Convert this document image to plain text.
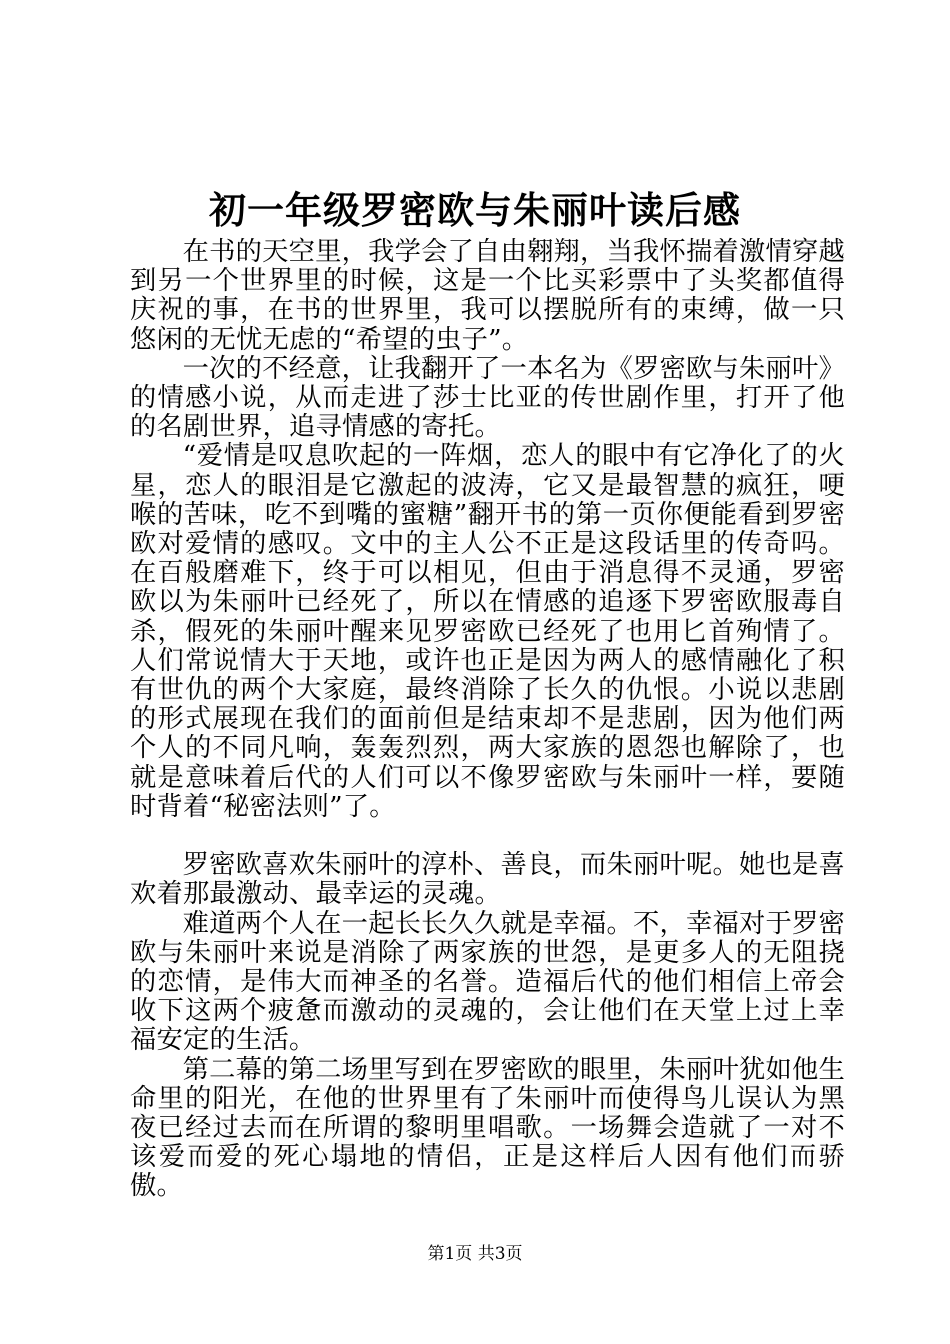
初一年级罗密欧与朱丽叶读后感

在书的天空里，我学会了自由翱翔，当我怀揣着激情穿越到另一个世界里的时候，这是一个比买彩票中了头奖都值得庆祝的事，在书的世界里，我可以摆脱所有的束缚，做一只悠闲的无忧无虑的“希望的虫子”。

一次的不经意，让我翻开了一本名为《罗密欧与朱丽叶》的情感小说，从而走进了莎士比亚的传世剧作里，打开了他的名剧世界，追寻情感的寄托。

“爱情是叹息吹起的一阵烟，恋人的眼中有它净化了的火星，恋人的眼泪是它激起的波涛，它又是最智慧的疯狂，哽喉的苦味，吃不到嘴的蜜糖”翻开书的第一页你便能看到罗密欧对爱情的感叹。文中的主人公不正是这段话里的传奇吗。在百般磨难下，终于可以相见，但由于消息得不灵通，罗密欧以为朱丽叶已经死了，所以在情感的追逐下罗密欧服毒自杀，假死的朱丽叶醒来见罗密欧已经死了也用匕首殉情了。人们常说情大于天地，或许也正是因为两人的感情融化了积有世仇的两个大家庭，最终消除了长久的仇恨。小说以悲剧的形式展现在我们的面前但是结束却不是悲剧，因为他们两个人的不同凡响，轰轰烈烈，两大家族的恩怨也解除了，也就是意味着后代的人们可以不像罗密欧与朱丽叶一样，要随时背着“秘密法则”了。

罗密欧喜欢朱丽叶的淳朴、善良，而朱丽叶呢。她也是喜欢着那最激动、最幸运的灵魂。

难道两个人在一起长长久久就是幸福。不，幸福对于罗密欧与朱丽叶来说是消除了两家族的世怨，是更多人的无阻挠的恋情，是伟大而神圣的名誉。造福后代的他们相信上帝会收下这两个疲惫而激动的灵魂的，会让他们在天堂上过上幸福安定的生活。

第二幕的第二场里写到在罗密欧的眼里，朱丽叶犹如他生命里的阳光，在他的世界里有了朱丽叶而使得鸟儿误认为黑夜已经过去而在所谓的黎明里唱歌。一场舞会造就了一对不该爱而爱的死心塌地的情侣，正是这样后人因有他们而骄傲。

第1页 共3页
